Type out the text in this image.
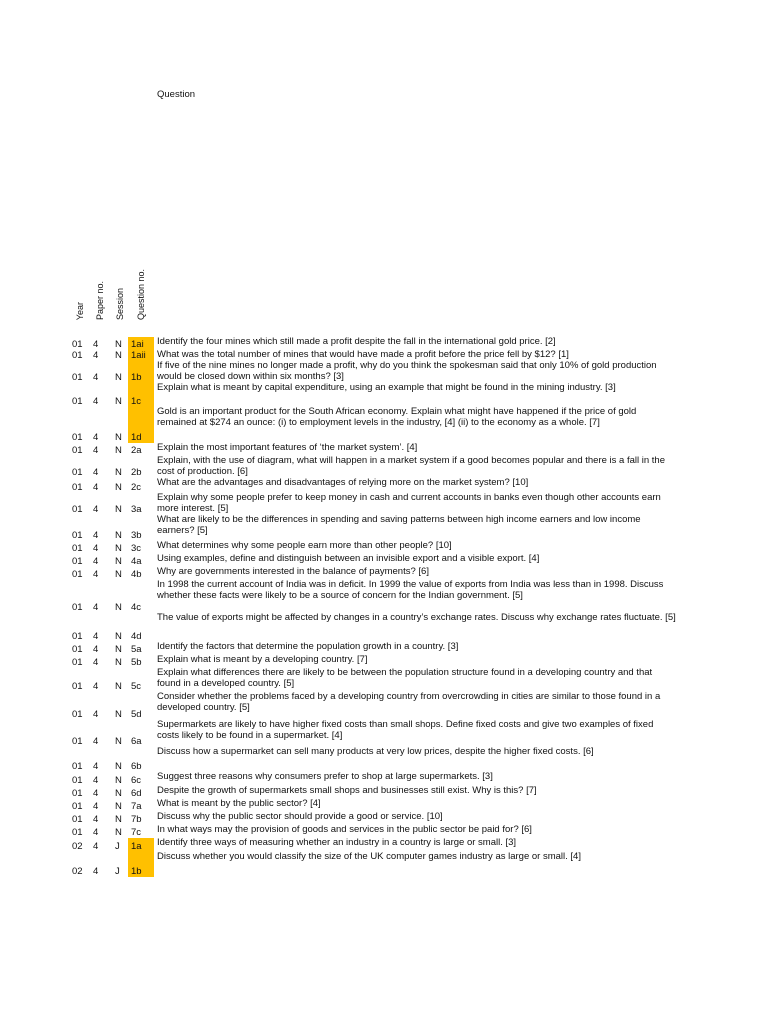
Question
Year Paper no. Session Question no.
01 4 N 1ai Identify the four mines which still made a profit despite the fall in the international gold price. [2]
01 4 N 1aii What was the total number of mines that would have made a profit before the price fell by $12? [1]
01 4 N 1b
If five of the nine mines no longer made a profit, why do you think the spokesman said that only 10% of gold production would be closed down within six months? [3]
01 4 N 1c
Explain what is meant by capital expenditure, using an example that might be found in the mining industry. [3]
01 4 N 1d
Gold is an important product for the South African economy. Explain what might have happened if the price of gold remained at $274 an ounce: (i) to employment levels in the industry, [4] (ii) to the economy as a whole. [7]
01 4 N 2a Explain the most important features of ‘the market system’. [4]
01 4 N 2b
Explain, with the use of diagram, what will happen in a market system if a good becomes popular and there is a fall in the cost of production. [6]
01 4 N 2c What are the advantages and disadvantages of relying more on the market system? [10]
01 4 N 3a
Explain why some people prefer to keep money in cash and current accounts in banks even though other accounts earn more interest. [5]
01 4 N 3b
What are likely to be the differences in spending and saving patterns between high income earners and low income earners? [5]
01 4 N 3c What determines why some people earn more than other people? [10]
01 4 N 4a Using examples, define and distinguish between an invisible export and a visible export. [4]
01 4 N 4b Why are governments interested in the balance of payments? [6]
01 4 N 4c
In 1998 the current account of India was in deficit. In 1999 the value of exports from India was less than in 1998. Discuss whether these facts were likely to be a source of concern for the Indian government. [5]
01 4 N 4d
The value of exports might be affected by changes in a country’s exchange rates. Discuss why exchange rates fluctuate. [5]
01 4 N 5a Identify the factors that determine the population growth in a country. [3]
01 4 N 5b Explain what is meant by a developing country. [7]
01 4 N 5c
Explain what differences there are likely to be between the population structure found in a developing country and that found in a developed country. [5]
01 4 N 5d
Consider whether the problems faced by a developing country from overcrowding in cities are similar to those found in a developed country. [5]
01 4 N 6a
Supermarkets are likely to have higher fixed costs than small shops. Define fixed costs and give two examples of fixed costs likely to be found in a supermarket. [4]
01 4 N 6b
Discuss how a supermarket can sell many products at very low prices, despite the higher fixed costs. [6]
01 4 N 6c Suggest three reasons why consumers prefer to shop at large supermarkets. [3]
01 4 N 6d Despite the growth of supermarkets small shops and businesses still exist. Why is this? [7]
01 4 N 7a What is meant by the public sector? [4]
01 4 N 7b Discuss why the public sector should provide a good or service. [10]
01 4 N 7c In what ways may the provision of goods and services in the public sector be paid for? [6]
02 4 J 1a Identify three ways of measuring whether an industry in a country is large or small. [3]
02 4 J 1b
Discuss whether you would classify the size of the UK computer games industry as large or small. [4]
